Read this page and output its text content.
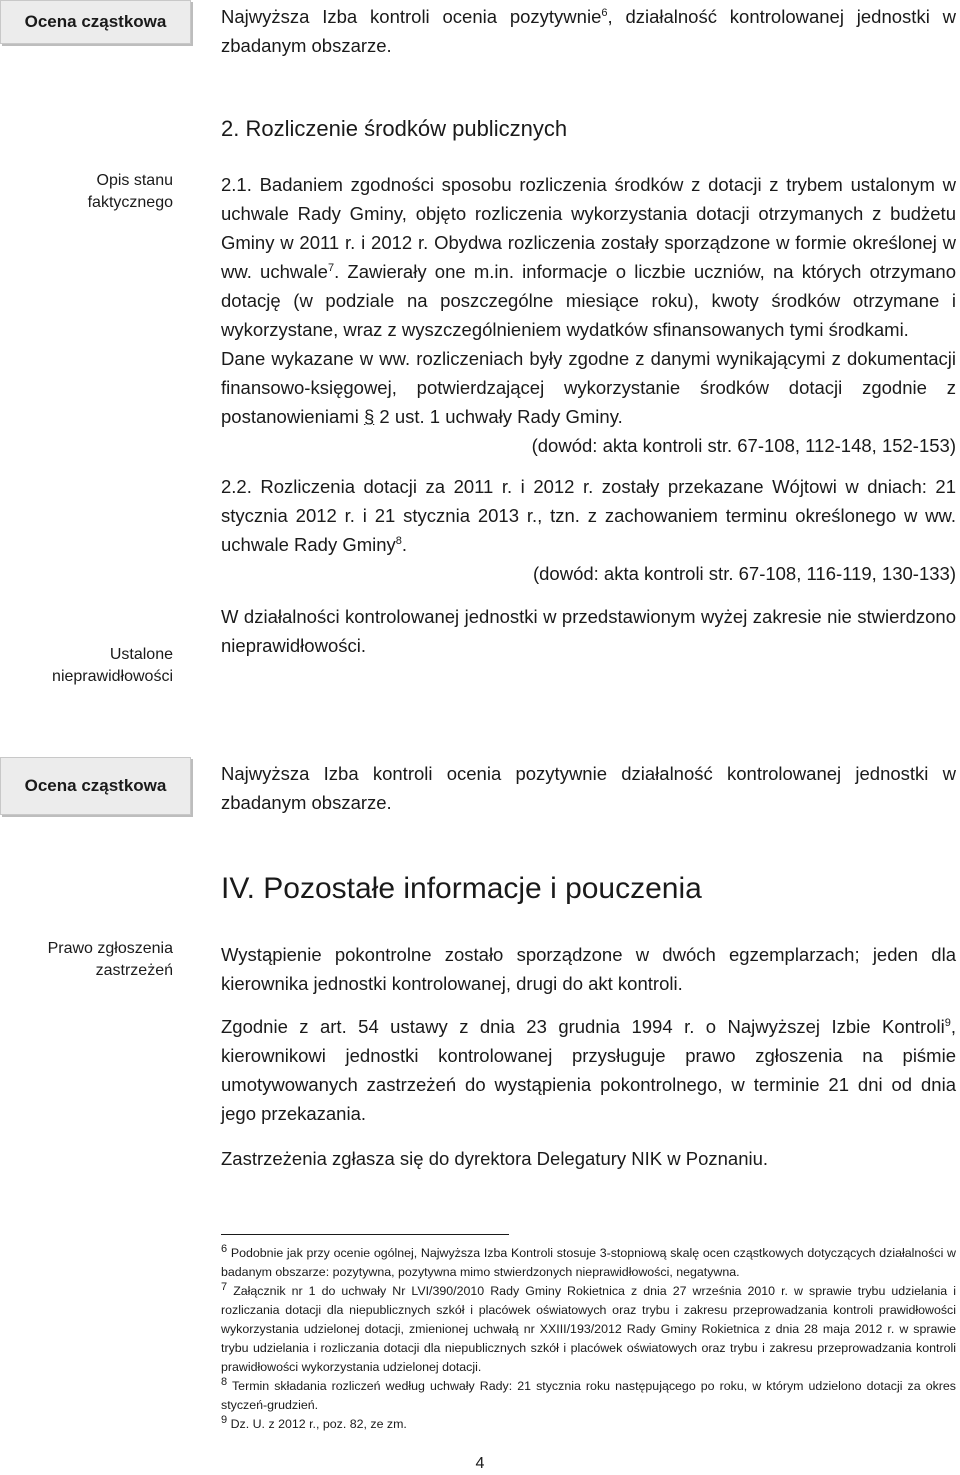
Ocena cząstkowa	Najwyższa Izba kontroli ocenia pozytywnie$^6$, działalność kontrolowanej jednostki w zbadanym obszarze.

2. Rozliczenie środków publicznych
Opis stanu
faktycznego

2.1. Badaniem zgodności sposobu rozliczenia środków z dotacji z trybem ustalonym w uchwale Rady Gminy, objęto rozliczenia wykorzystania dotacji otrzymanych z budżetu Gminy w 2011 r. i 2012 r. Obydwa rozliczenia zostały sporządzone w formie określonej w ww. uchwale$^7$. Zawierały one m.in. informacje o liczbie uczniów, na których otrzymano dotację (w podziale na poszczególne miesiące roku), kwoty środków otrzymane i wykorzystane, wraz z wyszczególnieniem wydatków sfinansowanych tymi środkami.

Dane wykazane w ww. rozliczeniach były zgodne z danymi wynikającymi z dokumentacji finansowo-księgowej, potwierdzającej wykorzystanie środków dotacji zgodnie z postanowieniami § 2 ust. 1 uchwały Rady Gminy.

(dowód: akta kontroli str. 67-108, 112-148, 152-153)

2.2. Rozliczenia dotacji za 2011 r. i 2012 r. zostały przekazane Wójtowi w dniach: 21 stycznia 2012 r. i 21 stycznia 2013 r., tzn. z zachowaniem terminu określonego w ww. uchwale Rady Gminy$^8$.

(dowód: akta kontroli str. 67-108, 116-119, 130-133)

W działalności kontrolowanej jednostki w przedstawionym wyżej zakresie nie stwierdzono nieprawidłowości.

Ustalone
nieprawidłowości
Ocena cząstkowa

Najwyższa Izba kontroli ocenia pozytywnie działalność kontrolowanej jednostki w zbadanym obszarze.

IV. Pozostałe informacje i pouczenia
Prawo zgłoszenia
zastrzeżeń

Wystąpienie pokontrolne zostało sporządzone w dwóch egzemplarzach; jeden dla kierownika jednostki kontrolowanej, drugi do akt kontroli.

Zgodnie z art. 54 ustawy z dnia 23 grudnia 1994 r. o Najwyższej Izbie Kontroli$^9$, kierownikowi jednostki kontrolowanej przysługuje prawo zgłoszenia na piśmie umotywowanych zastrzeżeń do wystąpienia pokontrolnego, w terminie 21 dni od dnia jego przekazania.

Zastrzeżenia zgłasza się do dyrektora Delegatury NIK w Poznaniu.

$^6$ Podobnie jak przy ocenie ogólnej, Najwyższa Izba Kontroli stosuje 3-stopniową skalę ocen cząstkowych dotyczących działalności w badanym obszarze: pozytywna, pozytywna mimo stwierdzonych nieprawidłowości, negatywna.

$^7$ Załącznik nr 1 do uchwały Nr LVI/390/2010 Rady Gminy Rokietnica z dnia 27 września 2010 r. w sprawie trybu udzielania i rozliczania dotacji dla niepublicznych szkół i placówek oświatowych oraz trybu i zakresu przeprowadzania kontroli prawidłowości wykorzystania udzielonej dotacji, zmienionej uchwałą nr XXIII/193/2012 Rady Gminy Rokietnica z dnia 28 maja 2012 r. w sprawie trybu udzielania i rozliczania dotacji dla niepublicznych szkół i placówek oświatowych oraz trybu i zakresu przeprowadzania kontroli prawidłowości wykorzystania udzielonej dotacji.

$^8$ Termin składania rozliczeń według uchwały Rady: 21 stycznia roku następującego po roku, w którym udzielono dotacji za okres styczeń-grudzień.

$^9$ Dz. U. z 2012 r., poz. 82, ze zm.

4
